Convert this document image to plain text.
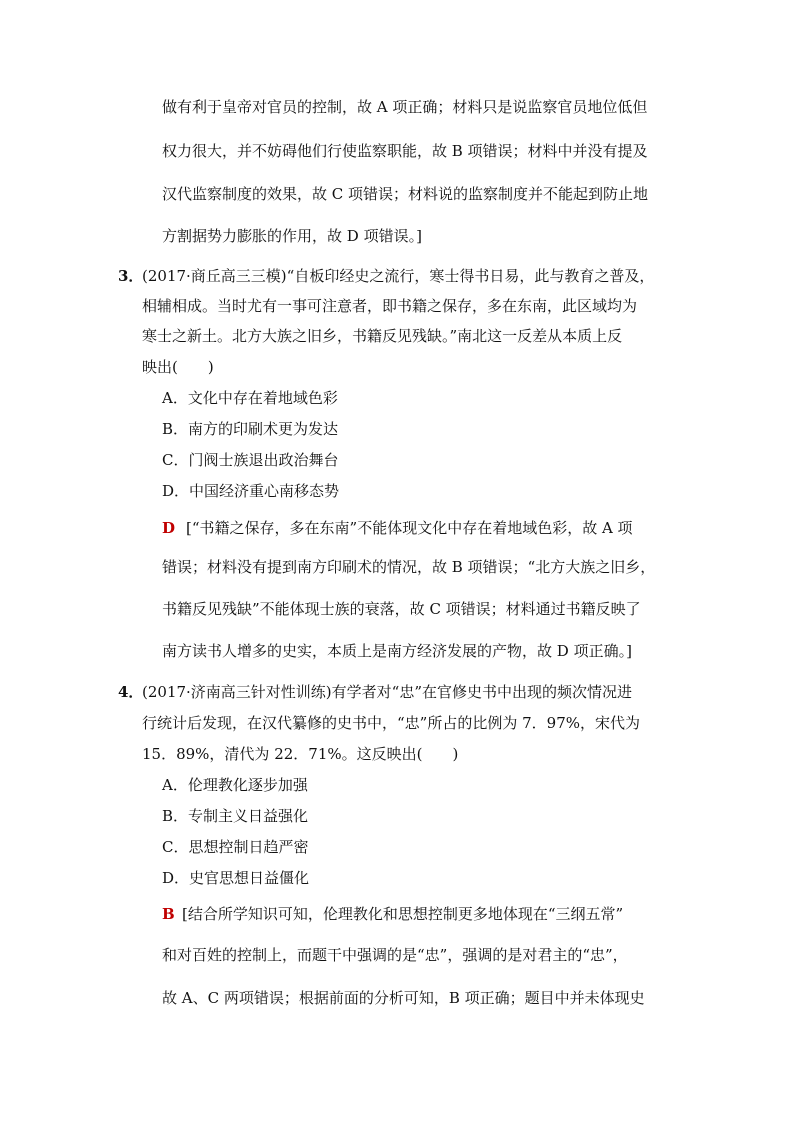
做有利于皇帝对官员的控制，故 A 项正确；材料只是说监察官员地位低但
权力很大，并不妨碍他们行使监察职能，故 B 项错误；材料中并没有提及
汉代监察制度的效果，故 C 项错误；材料说的监察制度并不能起到防止地
方割据势力膨胀的作用，故 D 项错误。]
3．
(2017·商丘高三三模)“自板印经史之流行，寒士得书日易，此与教育之普及，
相辅相成。当时尤有一事可注意者，即书籍之保存，多在东南，此区域均为
寒士之新土。北方大族之旧乡，书籍反见残缺。”南北这一反差从本质上反
映出(　　)
A．文化中存在着地域色彩
B．南方的印刷术更为发达
C．门阀士族退出政治舞台
D．中国经济重心南移态势
D [“书籍之保存，多在东南”不能体现文化中存在着地域色彩，故 A 项
错误；材料没有提到南方印刷术的情况，故 B 项错误；“北方大族之旧乡，
书籍反见残缺”不能体现士族的衰落，故 C 项错误；材料通过书籍反映了
南方读书人增多的史实，本质上是南方经济发展的产物，故 D 项正确。]
4．
(2017·济南高三针对性训练)有学者对“忠”在官修史书中出现的频次情况进
行统计后发现，在汉代纂修的史书中，“忠”所占的比例为 7．97%，宋代为
15．89%，清代为 22．71%。这反映出(　　)
A．伦理教化逐步加强
B．专制主义日益强化
C．思想控制日趋严密
D．史官思想日益僵化
B [结合所学知识可知，伦理教化和思想控制更多地体现在“三纲五常”
和对百姓的控制上，而题干中强调的是“忠”，强调的是对君主的“忠”，
故 A、C 两项错误；根据前面的分析可知，B 项正确；题目中并未体现史
